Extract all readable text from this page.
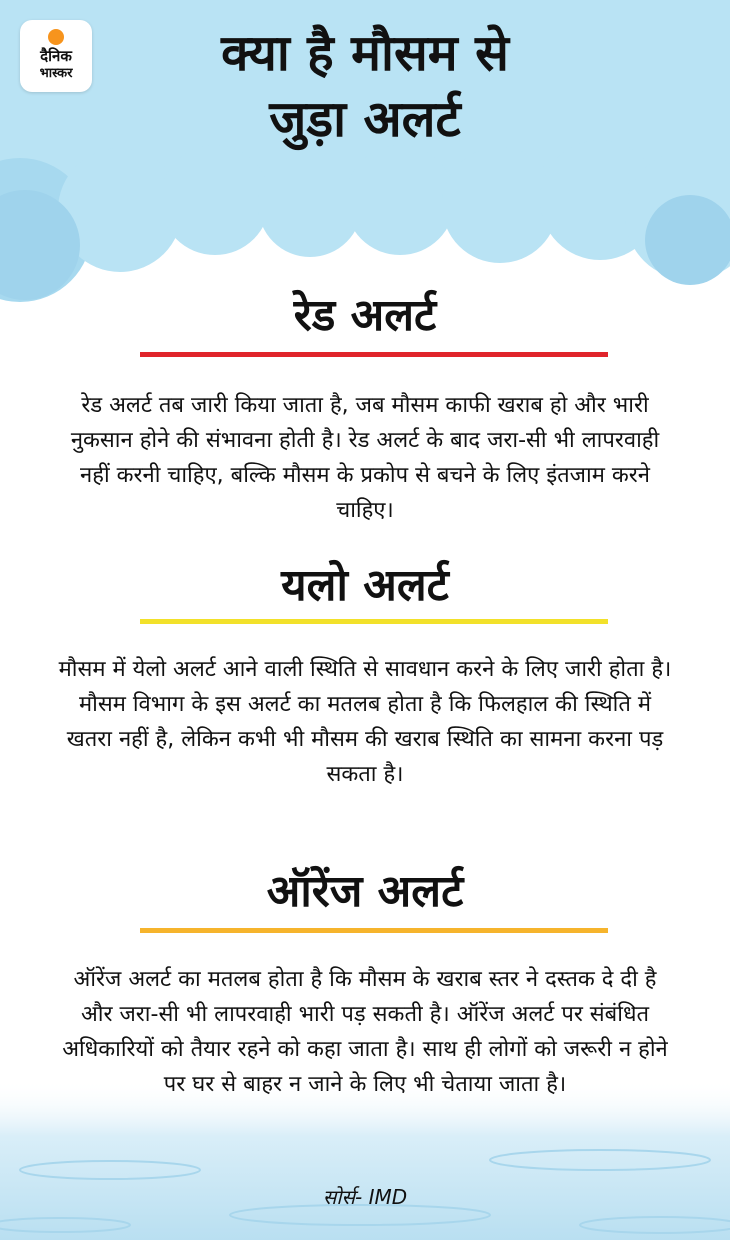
दैनिक
भास्कर	क्या है मौसम से
जुड़ा अलर्ट
रेड अलर्ट
रेड अलर्ट तब जारी किया जाता है, जब मौसम काफी खराब हो और भारी नुकसान होने की संभावना होती है। रेड अलर्ट के बाद जरा-सी भी लापरवाही नहीं करनी चाहिए, बल्कि मौसम के प्रकोप से बचने के लिए इंतजाम करने चाहिए।
यलो अलर्ट
मौसम में येलो अलर्ट आने वाली स्थिति से सावधान करने के लिए जारी होता है। मौसम विभाग के इस अलर्ट का मतलब होता है कि फिलहाल की स्थिति में खतरा नहीं है, लेकिन कभी भी मौसम की खराब स्थिति का सामना करना पड़ सकता है।
ऑरेंज अलर्ट
ऑरेंज अलर्ट का मतलब होता है कि मौसम के खराब स्तर ने दस्तक दे दी है और जरा-सी भी लापरवाही भारी पड़ सकती है। ऑरेंज अलर्ट पर संबंधित अधिकारियों को तैयार रहने को कहा जाता है। साथ ही लोगों को जरूरी न होने पर घर से बाहर न जाने के लिए भी चेताया जाता है।
सोर्स- IMD
